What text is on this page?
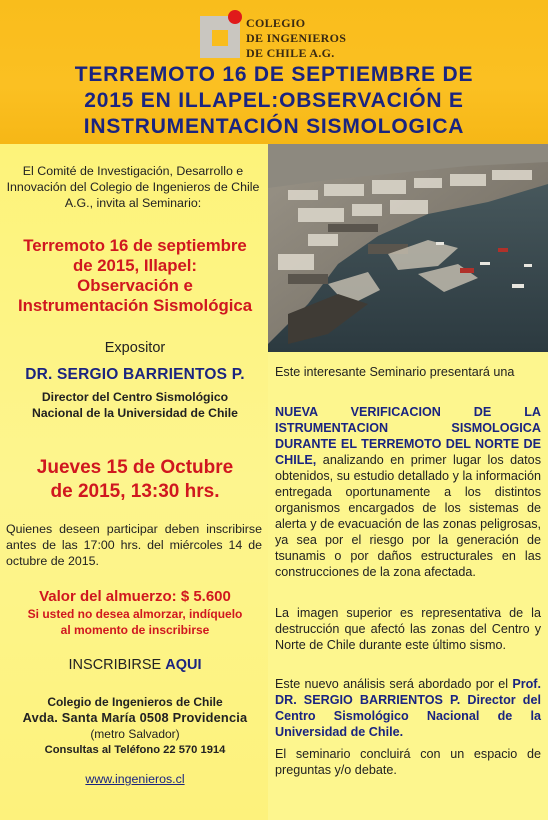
COLEGIO
DE INGENIEROS
DE CHILE A.G.
TERREMOTO 16 DE SEPTIEMBRE DE
2015 EN ILLAPEL:OBSERVACIÓN E
INSTRUMENTACIÓN SISMOLOGICA
El Comité de Investigación, Desarrollo e Innovación del Colegio de Ingenieros de Chile A.G., invita al Seminario:
Terremoto 16 de septiembre
de 2015, Illapel:
Observación e
Instrumentación Sismológica
Expositor
DR. SERGIO BARRIENTOS P.
Director del Centro Sismológico
Nacional de la Universidad de Chile
Jueves 15 de Octubre
de 2015, 13:30 hrs.
Quienes deseen participar deben inscribirse antes de las 17:00 hrs. del miércoles 14 de octubre de 2015.
Valor del almuerzo: $ 5.600
Si usted no desea almorzar, indíquelo
al momento de inscribirse
INSCRIBIRSE AQUI
Colegio de Ingenieros de Chile
Avda. Santa María 0508 Providencia
(metro Salvador)
Consultas al Teléfono 22 570 1914
www.ingenieros.cl
Este interesante Seminario presentará una
NUEVA VERIFICACION DE LA ISTRUMENTACION SISMOLOGICA DURANTE EL TERREMOTO DEL NORTE DE CHILE, analizando en primer lugar los datos obtenidos, su estudio detallado y la información entregada oportunamente a los distintos organismos encargados de los sistemas de alerta y de evacuación de las zonas peligrosas, ya sea por el riesgo por la generación de tsunamis o por daños estructurales en las construcciones de la zona afectada.
La imagen superior es representativa de la destrucción que afectó las zonas del Centro y Norte de Chile durante este último sismo.
Este nuevo análisis será abordado por el Prof. DR. SERGIO BARRIENTOS P. Director del Centro Sismológico Nacional de la Universidad de Chile.
El seminario concluirá con un espacio de preguntas y/o debate.
